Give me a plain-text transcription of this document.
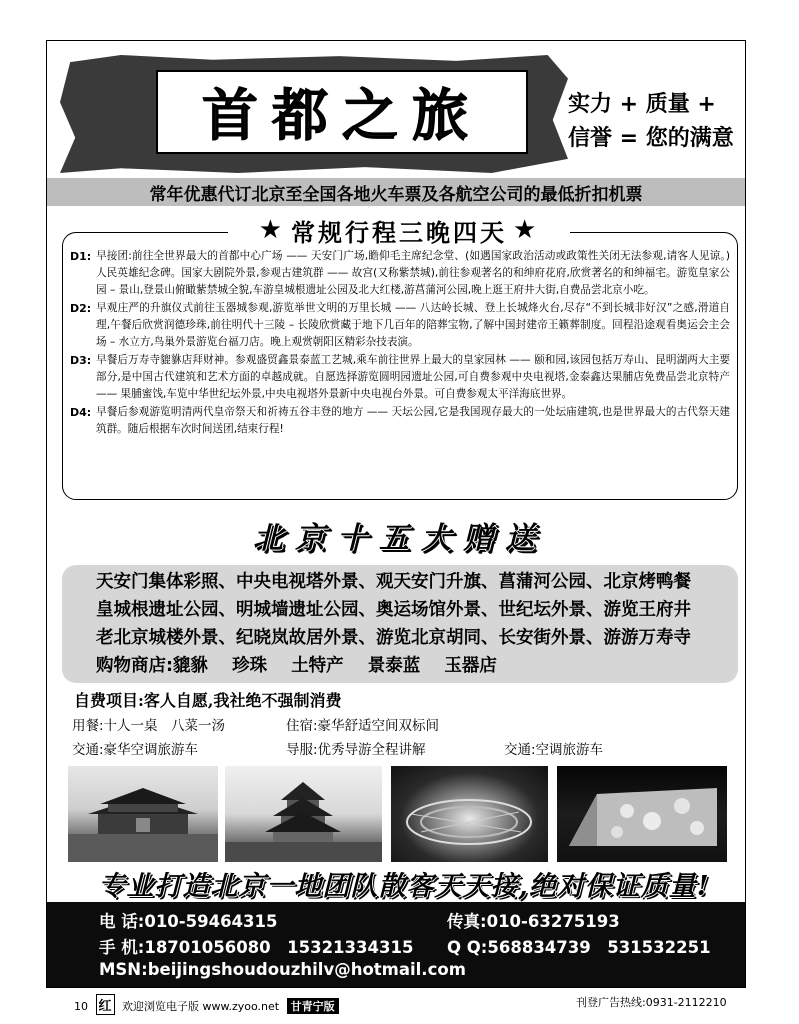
首都之旅	实力 + 质量 +
信誉 = 您的满意
常年优惠代订北京至全国各地火车票及各航空公司的最低折扣机票
★ 常规行程三晚四天 ★
D1: 早接团:前往全世界最大的首都中心广场 —— 天安门广场,瞻仰毛主席纪念堂、(如遇国家政治活动或政策性关闭无法参观,请客人见谅。)人民英雄纪念碑。国家大剧院外景,参观古建筑群 —— 故宫(又称紫禁城),前往参观著名的和绅府花府,欣赏著名的和绅福宅。游览皇家公园 – 景山,登景山俯瞰紫禁城全貌,车游皇城根遗址公园及北大红楼,游菖蒲河公园,晚上逛王府井大街,自费品尝北京小吃。
D2: 早观庄严的升旗仪式前往玉器城参观,游览举世文明的万里长城 —— 八达岭长城、登上长城烽火台,尽存“不到长城非好汉”之感,滑道自理,午餐后欣赏润德珍珠,前往明代十三陵 – 长陵欣赏藏于地下几百年的陪葬宝物,了解中国封建帝王籁葬制度。回程沿途观看奥运会主会场 – 水立方,鸟巢外景游览台福刀店。晚上观赏朝阳区精彩杂技表演。
D3: 早餐后万寿寺貔貅店拜财神。参观盛贸鑫景泰蓝工艺城,乘车前往世界上最大的皇家园林 —— 颐和园,该园包括万寿山、昆明湖两大主要部分,是中国古代建筑和艺术方面的卓越成就。自愿选择游览圆明园遗址公园,可自费参观中央电视塔,金泰鑫达果脯店免费品尝北京特产 —— 果脯蜜饯,车览中华世纪坛外景,中央电视塔外景新中央电视台外景。可自费参观太平洋海底世界。
D4: 早餐后参观游览明清两代皇帝祭天和祈祷五谷丰登的地方 —— 天坛公园,它是我国现存最大的一处坛庙建筑,也是世界最大的古代祭天建筑群。随后根据车次时间送团,结束行程!
北 京 十 五 大 赠 送
天安门集体彩照、中央电视塔外景、观天安门升旗、菖蒲河公园、北京烤鸭餐
皇城根遗址公园、明城墙遗址公园、奥运场馆外景、世纪坛外景、游览王府井
老北京城楼外景、纪晓岚故居外景、游览北京胡同、长安街外景、游游万寿寺
购物商店:貔貅 珍珠 土特产 景泰蓝 玉器店
自费项目:客人自愿,我社绝不强制消费
用餐:十人一桌　八菜一汤	住宿:豪华舒适空间双标间
交通:豪华空调旅游车	导服:优秀导游全程讲解	交通:空调旅游车
专业打造北京一地团队散客天天接,绝对保证质量!
电 话:010-59464315	传真:010-63275193
手 机:18701056080　15321334315 Q Q:568834739　531532251
MSN:beijingshoudouzhilv@hotmail.com
10 红 欢迎浏览电子版 www.zyoo.net 甘青宁版	刊登广告热线:0931-2112210
